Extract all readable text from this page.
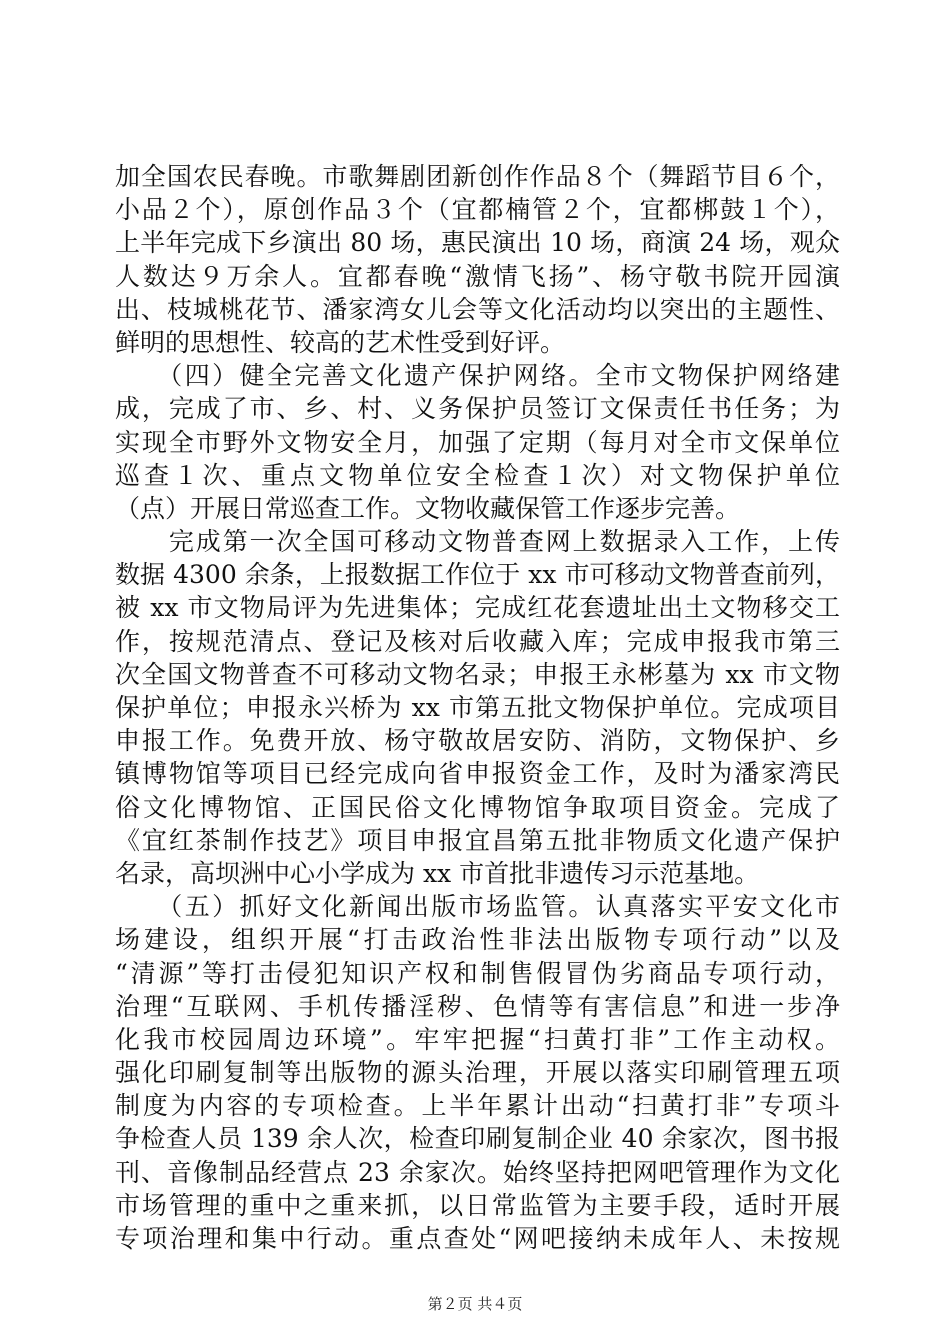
加全国农民春晚。市歌舞剧团新创作作品８个（舞蹈节目６个，
小品２个），原创作品３个（宜都楠管２个，宜都梆鼓１个），
上半年完成下乡演出 80 场，惠民演出 10 场，商演 24 场，观众
人数达９万余人。宜都春晚“激情飞扬”、杨守敬书院开园演
出、枝城桃花节、潘家湾女儿会等文化活动均以突出的主题性、
鲜明的思想性、较高的艺术性受到好评。
　　（四）健全完善文化遗产保护网络。全市文物保护网络建
成，完成了市、乡、村、义务保护员签订文保责任书任务；为
实现全市野外文物安全月，加强了定期（每月对全市文保单位
巡查１次、重点文物单位安全检查１次）对文物保护单位
（点）开展日常巡查工作。文物收藏保管工作逐步完善。
　　完成第一次全国可移动文物普查网上数据录入工作，上传
数据 4300 余条，上报数据工作位于 xx 市可移动文物普查前列，
被 xx 市文物局评为先进集体；完成红花套遗址出土文物移交工
作，按规范清点、登记及核对后收藏入库；完成申报我市第三
次全国文物普查不可移动文物名录；申报王永彬墓为 xx 市文物
保护单位；申报永兴桥为 xx 市第五批文物保护单位。完成项目
申报工作。免费开放、杨守敬故居安防、消防，文物保护、乡
镇博物馆等项目已经完成向省申报资金工作，及时为潘家湾民
俗文化博物馆、正国民俗文化博物馆争取项目资金。完成了
《宜红茶制作技艺》项目申报宜昌第五批非物质文化遗产保护
名录，高坝洲中心小学成为 xx 市首批非遗传习示范基地。
　　（五）抓好文化新闻出版市场监管。认真落实平安文化市
场建设，组织开展“打击政治性非法出版物专项行动”以及
“清源”等打击侵犯知识产权和制售假冒伪劣商品专项行动，
治理“互联网、手机传播淫秽、色情等有害信息”和进一步净
化我市校园周边环境”。牢牢把握“扫黄打非”工作主动权。
强化印刷复制等出版物的源头治理，开展以落实印刷管理五项
制度为内容的专项检查。上半年累计出动“扫黄打非”专项斗
争检查人员 139 余人次，检查印刷复制企业 40 余家次，图书报
刊、音像制品经营点 23 余家次。始终坚持把网吧管理作为文化
市场管理的重中之重来抓，以日常监管为主要手段，适时开展
专项治理和集中行动。重点查处“网吧接纳未成年人、未按规
第２页 共４页
